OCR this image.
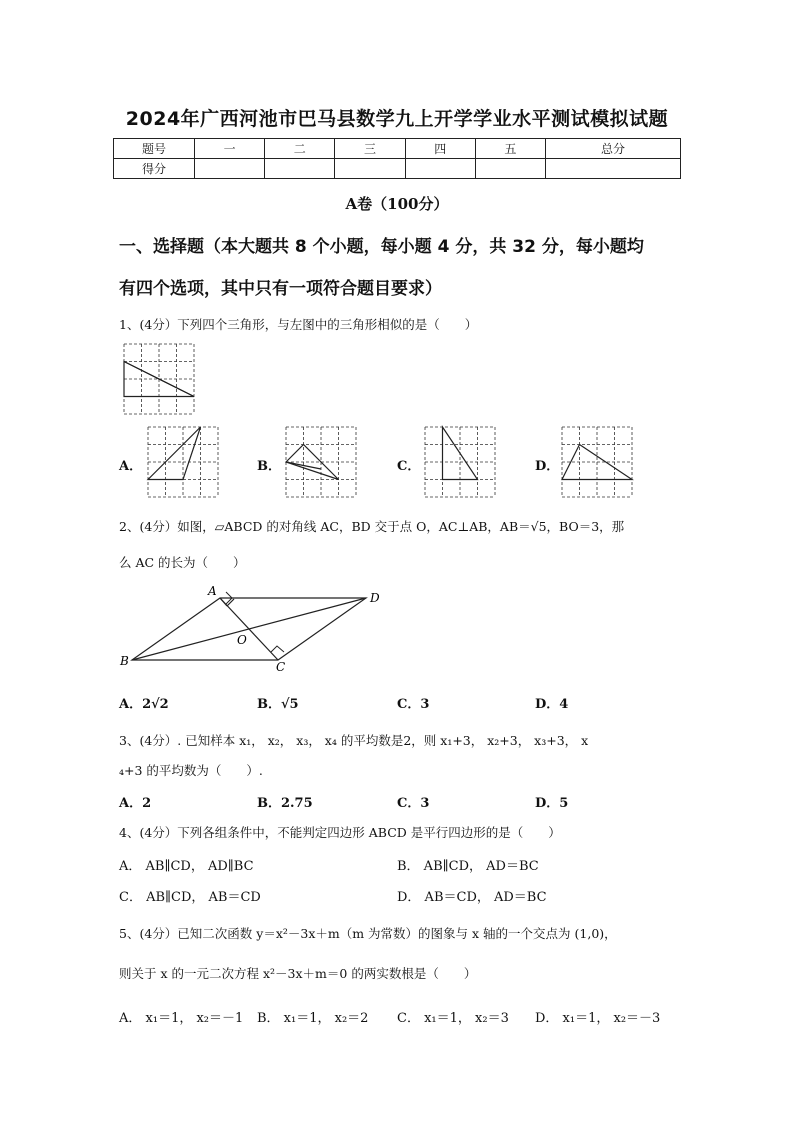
2024年广西河池市巴马县数学九上开学学业水平测试模拟试题
题号	一	二	三	四	五	总分
得分						
A卷（100分）
一、选择题（本大题共 8 个小题，每小题 4 分，共 32 分，每小题均
有四个选项，其中只有一项符合题目要求）
1、(4分）下列四个三角形，与左图中的三角形相似的是（　　）
A．	B．	C．	D．
2、(4分）如图，▱ABCD 的对角线 AC，BD 交于点 O，AC⊥AB，AB＝√5，BO＝3，那
么 AC 的长为（　　）
A	D
O
B	C
A．2√2	B．√5	C．3	D．4
3、(4分）. 已知样本 x₁， x₂， x₃， x₄ 的平均数是2，则 x₁+3， x₂+3， x₃+3， x
₄+3 的平均数为（　　）.
A．2	B．2.75	C．3	D．5
4、(4分）下列各组条件中，不能判定四边形 ABCD 是平行四边形的是（　　）
A． AB∥CD， AD∥BC	B． AB∥CD， AD＝BC
C． AB∥CD， AB＝CD	D． AB＝CD， AD＝BC
5、(4分）已知二次函数 y＝x²－3x＋m（m 为常数）的图象与 x 轴的一个交点为 (1,0)，
则关于 x 的一元二次方程 x²－3x＋m＝0 的两实数根是（　　）
A． x₁＝1， x₂＝－1 B． x₁＝1， x₂＝2 C． x₁＝1， x₂＝3 D． x₁＝1， x₂＝－3
